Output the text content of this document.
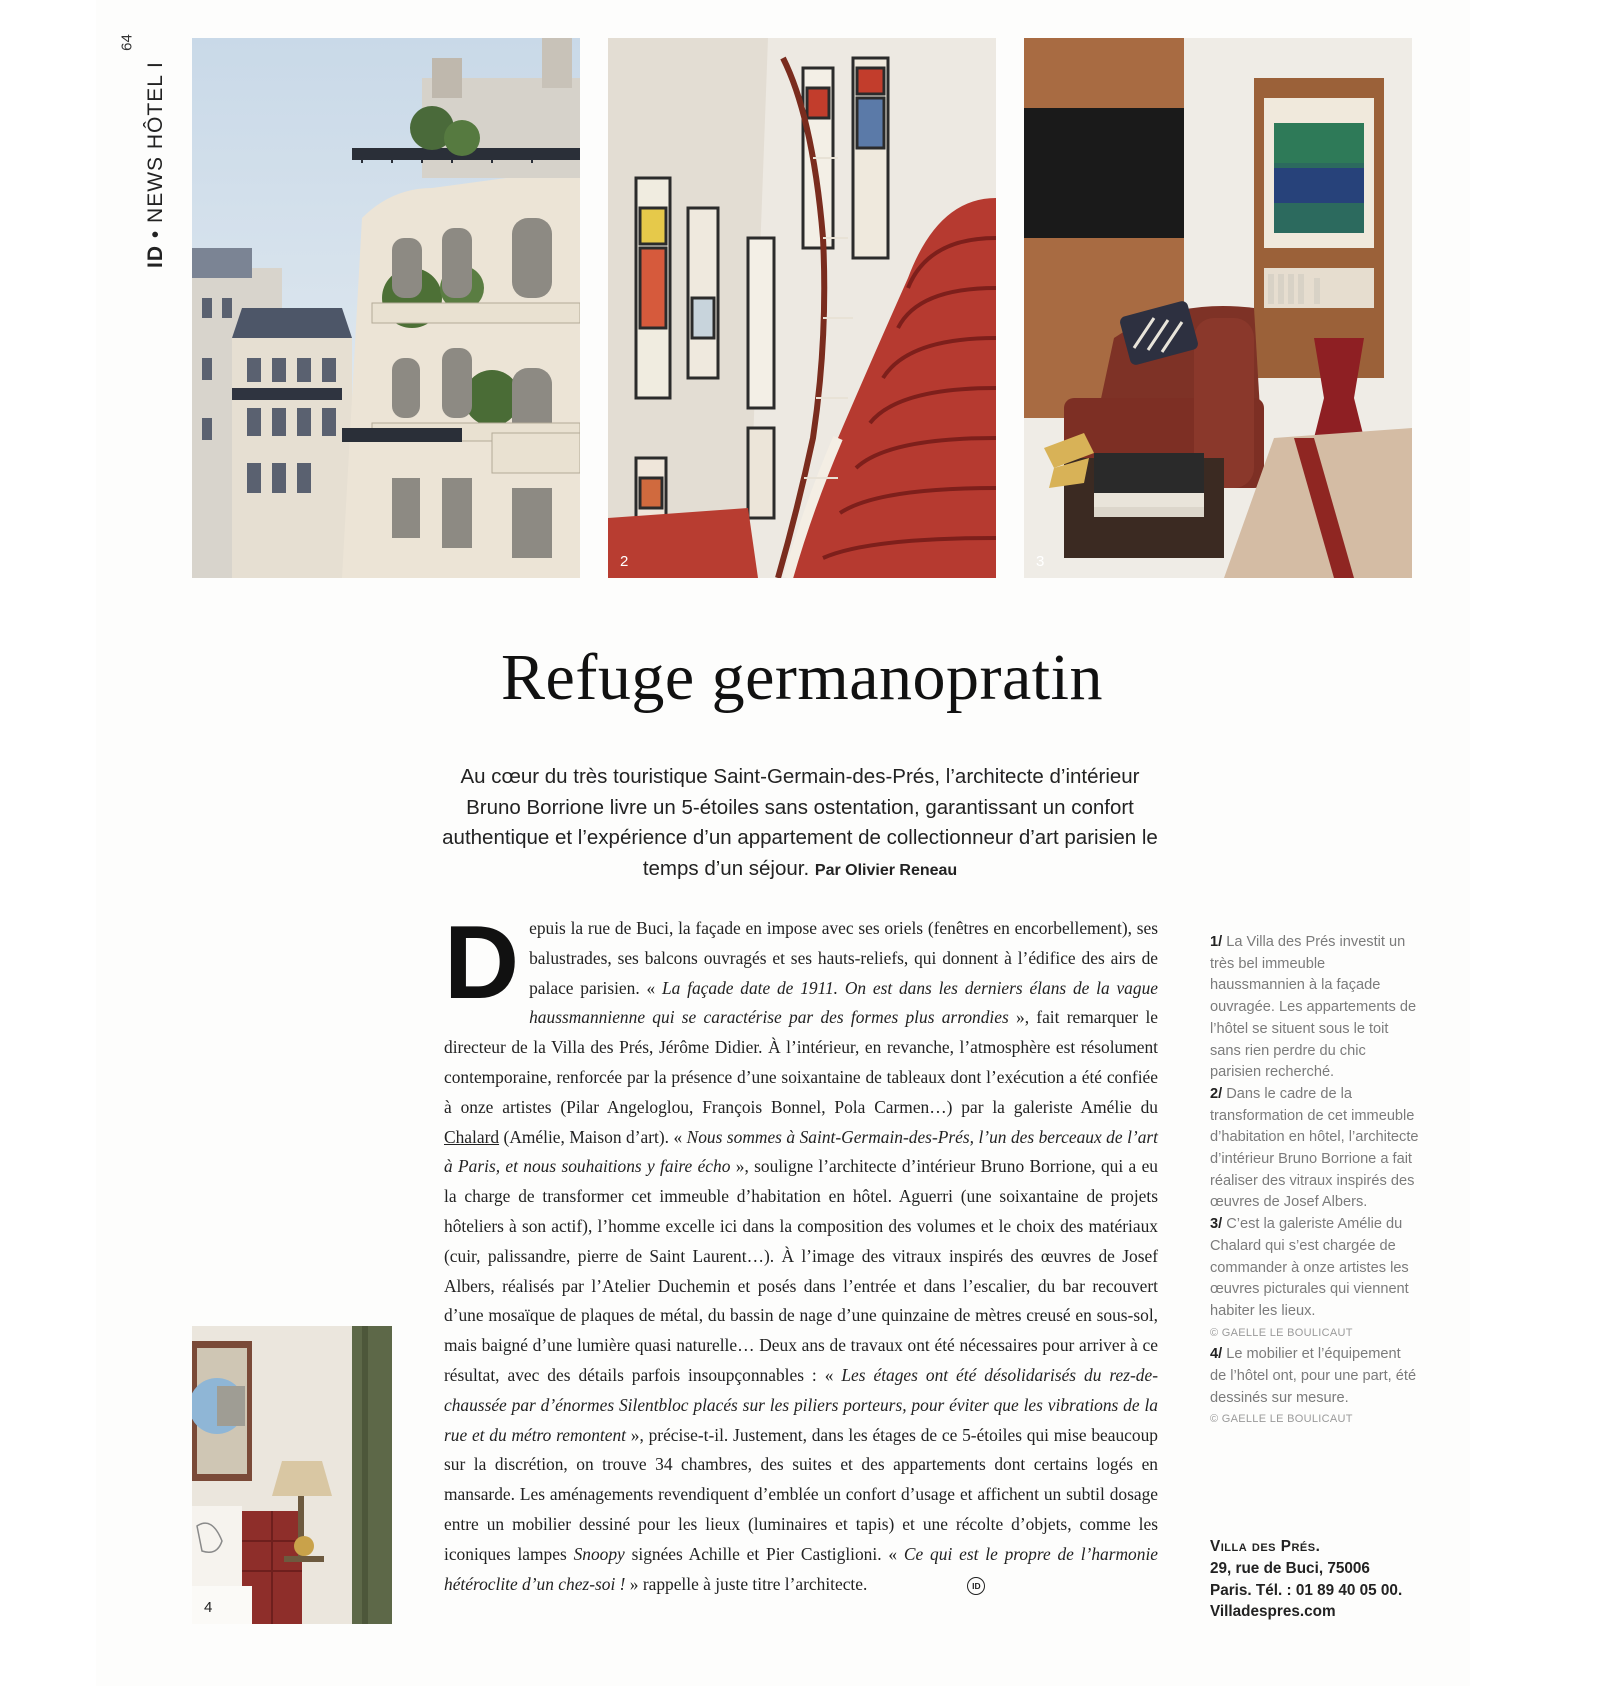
64
ID • NEWS HÔTEL I
2	3
4
Refuge germanopratin
Au cœur du très touristique Saint-Germain-des-Prés, l’architecte d’intérieur Bruno Borrione livre un 5-étoiles sans ostentation, garantissant un confort authentique et l’expérience d’un appartement de collectionneur d’art parisien le temps d’un séjour. Par Olivier Reneau
Depuis la rue de Buci, la façade en impose avec ses oriels (fenêtres en encorbellement), ses balustrades, ses balcons ouvragés et ses hauts-reliefs, qui donnent à l’édifice des airs de palace parisien. « La façade date de 1911. On est dans les derniers élans de la vague haussmannienne qui se caractérise par des formes plus arrondies », fait remarquer le directeur de la Villa des Prés, Jérôme Didier. À l’intérieur, en revanche, l’atmosphère est résolument contemporaine, renforcée par la présence d’une soixantaine de tableaux dont l’exécution a été confiée à onze artistes (Pilar Angeloglou, François Bonnel, Pola Carmen…) par la galeriste Amélie du Chalard (Amélie, Maison d’art). « Nous sommes à Saint-Germain-des-Prés, l’un des berceaux de l’art à Paris, et nous souhaitions y faire écho », souligne l’architecte d’intérieur Bruno Borrione, qui a eu la charge de transformer cet immeuble d’habitation en hôtel. Aguerri (une soixantaine de projets hôteliers à son actif), l’homme excelle ici dans la composition des volumes et le choix des matériaux (cuir, palissandre, pierre de Saint Laurent…). À l’image des vitraux inspirés des œuvres de Josef Albers, réalisés par l’Atelier Duchemin et posés dans l’entrée et dans l’escalier, du bar recouvert d’une mosaïque de plaques de métal, du bassin de nage d’une quinzaine de mètres creusé en sous-sol, mais baigné d’une lumière quasi naturelle… Deux ans de travaux ont été nécessaires pour arriver à ce résultat, avec des détails parfois insoupçonnables : « Les étages ont été désolidarisés du rez-de-chaussée par d’énormes Silentbloc placés sur les piliers porteurs, pour éviter que les vibrations de la rue et du métro remontent », précise-t-il. Justement, dans les étages de ce 5-étoiles qui mise beaucoup sur la discrétion, on trouve 34 chambres, des suites et des appartements dont certains logés en mansarde. Les aménagements revendiquent d’emblée un confort d’usage et affichent un subtil dosage entre un mobilier dessiné pour les lieux (luminaires et tapis) et une récolte d’objets, comme les iconiques lampes Snoopy signées Achille et Pier Castiglioni. « Ce qui est le propre de l’harmonie hétéroclite d’un chez-soi ! » rappelle à juste titre l’architecte.	ID
1/ La Villa des Prés investit un très bel immeuble haussmannien à la façade ouvragée. Les appartements de l’hôtel se situent sous le toit sans rien perdre du chic parisien recherché.
2/ Dans le cadre de la transformation de cet immeuble d’habitation en hôtel, l’architecte d’intérieur Bruno Borrione a fait réaliser des vitraux inspirés des œuvres de Josef Albers.
3/ C’est la galeriste Amélie du Chalard qui s’est chargée de commander à onze artistes les œuvres picturales qui viennent habiter les lieux.
© GAELLE LE BOULICAUT
4/ Le mobilier et l’équipement de l’hôtel ont, pour une part, été dessinés sur mesure.
© GAELLE LE BOULICAUT
Villa des Prés.
29, rue de Buci, 75006
Paris. Tél. : 01 89 40 05 00.
Villadespres.com
